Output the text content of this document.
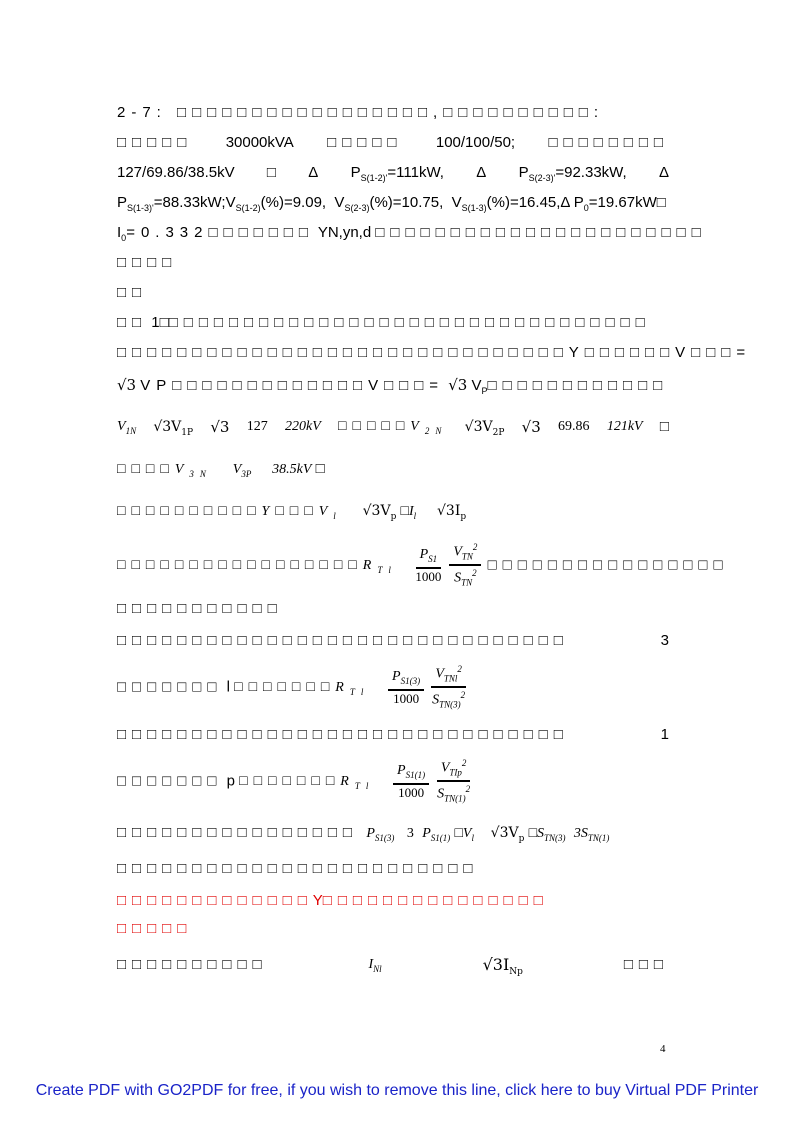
2-7: □□□□□□□□□□□□□□□□□,□□□□□□□□□□:
□□□□□ 30000kVA □□□□□ 100/100/50; □□□□□□□□
127/69.86/38.5kV □ Δ $P_{S(1-2)'}=111kW$, Δ $P_{S(2-3)'}=92.33kW$, Δ
$P_{S(1-3)'}=88.33kW;V_{S(1-2)}(\%)=9.09$, $V_{S(2-3)}(\%)=10.75$, $V_{S(1-3)}(\%)=16.45,\Delta$ $P_0=19.67kW□$
$I_0=0.332□□□□□□□$ YN,yn,d □□□□□□□□□□□□□□□□□□□□□□
□□□□
□□
□□ 1□□□□□□□□□□□□□□□□□□□□□□□□□□□□□□□□□
□□□□□□□□□□□□□□□□□□□□□□□□□□□□□□Y□□□□□□V□□□=
√3 VP□□□□□□□□□□□□□V□□□= √3 $V_P□□□□□□□□□□□□$
$V_{1N}$ $√3V_{1P}$ √3 127 220kV $□□□□□V_{2N}$ $√3V_{2P}$ √3 69.86 121kV □
$□□□□V_{3N}$ $V_{3P}$ 38.5kV □
$□□□□□□□□□□Y□□□V_l$ $√3V_p$ $□I_l$ $√3I_p$
$□□□□□□□□□□□□□□□□□R_{Tl} \frac{P_{S1}}{1000} \frac{V_{TN}^2}{S_{TN}^2}$ □□□□□□□□□□□□□□□□
□□□□□□□□□□□
□□□□□□□□□□□□□□□□□□□□□□□□□□□□□□	3
□□□□□□□ l $□□□□□□□R_{Tl} \frac{P_{S1(3)}}{1000} \frac{V_{TNl}^2}{S_{TN(3)}^2}$
□□□□□□□□□□□□□□□□□□□□□□□□□□□□□□	1
□□□□□□□ p $□□□□□□□R_{Tl} \frac{P_{S1(1)}}{1000} \frac{V_{TIp}^2}{S_{TN(1)}^2}$
□□□□□□□□□□□□□□□□ $P_{S1(3)}$ 3 $P_{S1(1)}$ $□V_l$ $√3V_p$ $□S_{TN(3)}$ $3S_{TN(1)}$
□□□□□□□□□□□□□□□□□□□□□□□□
□□□□□□□□□□□□□Y□□□□□□□□□□□□□□□
□□□□□
□□□□□□□□□□	$I_{Nl}$	$√3I_{Np}$	□□□
4
Create PDF with GO2PDF for free, if you wish to remove this line, click here to buy Virtual PDF Printer
